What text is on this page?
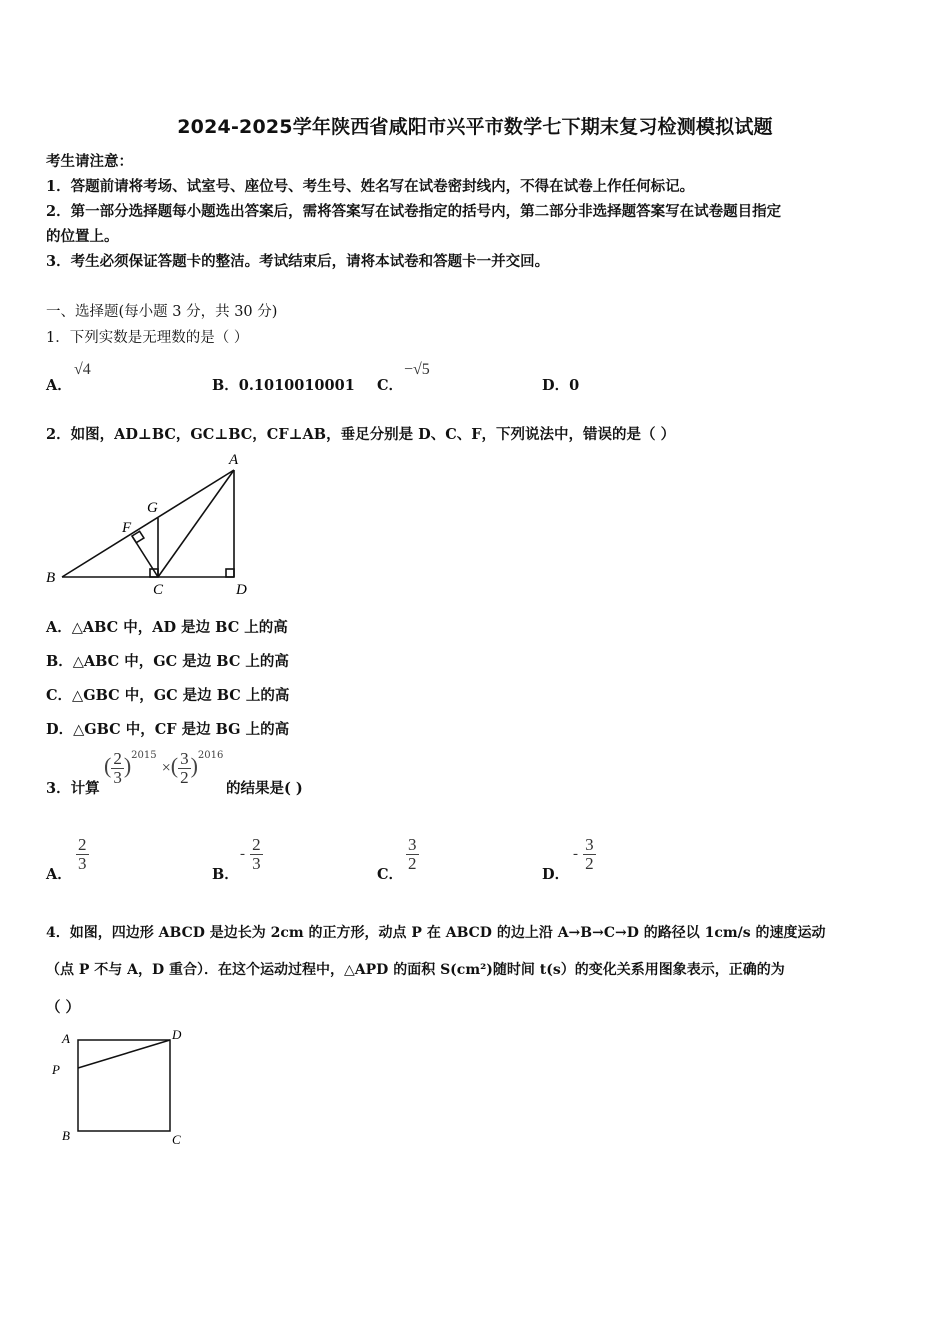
2024-2025学年陕西省咸阳市兴平市数学七下期末复习检测模拟试题
考生请注意：
1．答题前请将考场、试室号、座位号、考生号、姓名写在试卷密封线内，不得在试卷上作任何标记。
2．第一部分选择题每小题选出答案后，需将答案写在试卷指定的括号内，第二部分非选择题答案写在试卷题目指定
的位置上。
3．考生必须保证答题卡的整洁。考试结束后，请将本试卷和答题卡一并交回。
一、选择题(每小题 3 分，共 30 分)
1．下列实数是无理数的是（ ）
A．
√4
B．0.1010010001 C．
−√5
D．0
2．如图，AD⊥BC，GC⊥BC，CF⊥AB，垂足分别是 D、C、F，下列说法中，错误的是（ ）
A
B
C	D
F
G
A．△ABC 中，AD 是边 BC 上的高
B．△ABC 中，GC 是边 BC 上的高
C．△GBC 中，GC 是边 BC 上的高
D．△GBC 中，CF 是边 BG 上的高
3．计算
( $\frac{2}{3} )^{2015}$ ×( $\frac{3}{2} )^{2016}$
的结果是( )
A．
$\frac{2}{3}$
B．
- $\frac{2}{3}$
C．
$\frac{3}{2}$
D．
- $\frac{3}{2}$
4．如图，四边形 ABCD 是边长为 2cm 的正方形，动点 P 在 ABCD 的边上沿 A→B→C→D 的路径以 1cm/s 的速度运动
（点 P 不与 A，D 重合）．在这个运动过程中，△APD 的面积 S(cm²)随时间 t(s）的变化关系用图象表示，正确的为
（ ）
A	D
P
B	C
